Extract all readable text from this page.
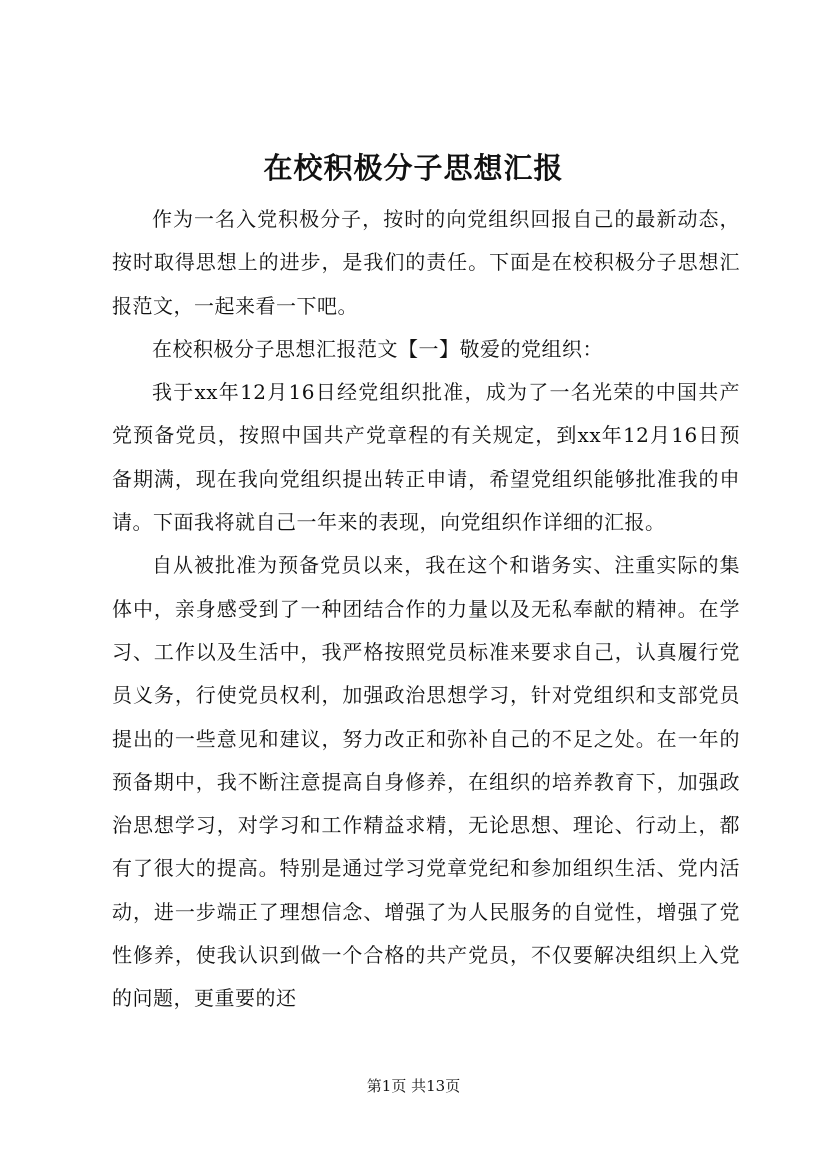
在校积极分子思想汇报

作为一名入党积极分子，按时的向党组织回报自己的最新动态，按时取得思想上的进步，是我们的责任。下面是在校积极分子思想汇报范文，一起来看一下吧。

在校积极分子思想汇报范文【一】敬爱的党组织：

我于xx年12月16日经党组织批准，成为了一名光荣的中国共产党预备党员，按照中国共产党章程的有关规定，到xx年12月16日预备期满，现在我向党组织提出转正申请，希望党组织能够批准我的申请。下面我将就自己一年来的表现，向党组织作详细的汇报。

自从被批准为预备党员以来，我在这个和谐务实、注重实际的集体中，亲身感受到了一种团结合作的力量以及无私奉献的精神。在学习、工作以及生活中，我严格按照党员标准来要求自己，认真履行党员义务，行使党员权利，加强政治思想学习，针对党组织和支部党员提出的一些意见和建议，努力改正和弥补自己的不足之处。在一年的预备期中，我不断注意提高自身修养，在组织的培养教育下，加强政治思想学习，对学习和工作精益求精，无论思想、理论、行动上，都有了很大的提高。特别是通过学习党章党纪和参加组织生活、党内活动，进一步端正了理想信念、增强了为人民服务的自觉性，增强了党性修养，使我认识到做一个合格的共产党员，不仅要解决组织上入党的问题，更重要的还

第1页 共13页
